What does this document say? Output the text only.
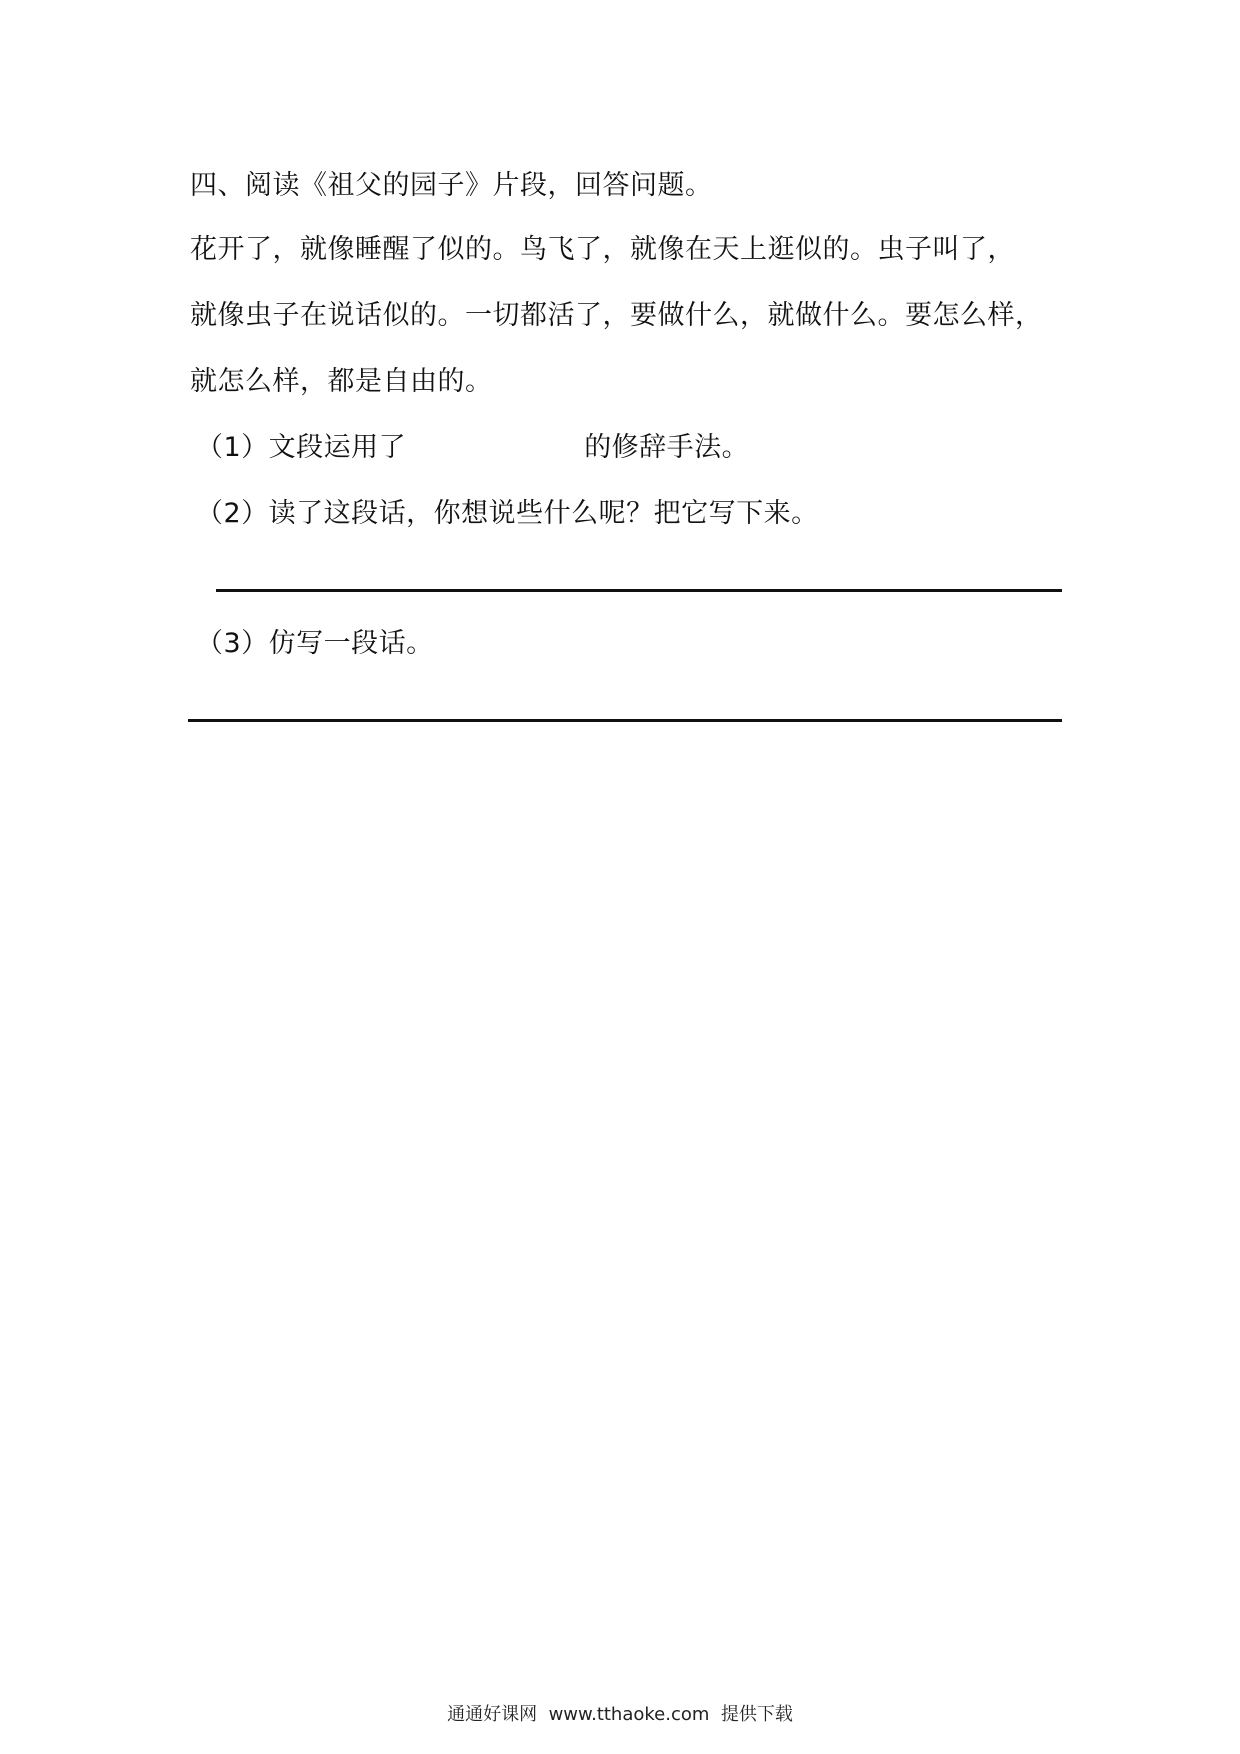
四、阅读《祖父的园子》片段，回答问题。
花开了，就像睡醒了似的。鸟飞了，就像在天上逛似的。虫子叫了，
就像虫子在说话似的。一切都活了，要做什么，就做什么。要怎么样，
就怎么样，都是自由的。
（1）文段运用了	的修辞手法。
（2）读了这段话，你想说些什么呢？把它写下来。
（3）仿写一段话。
通通好课网 www.tthaoke.com 提供下载
